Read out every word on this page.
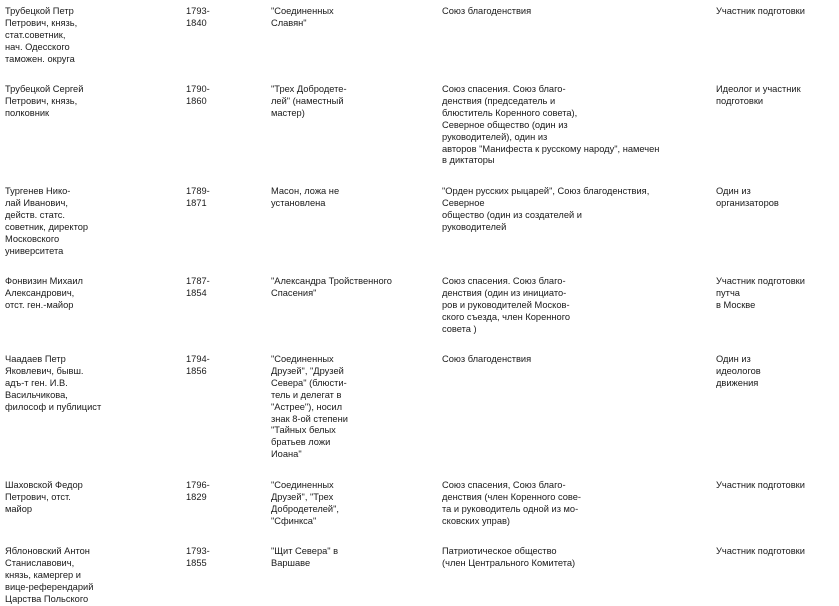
Трубецкой Петр
Петрович, князь,
стат.советник,
нач. Одесского
таможен. округа
1793-
1840
"Соединенных
Славян"
Союз благоденствия	Участник подготовки
Трубецкой Сергей
Петрович, князь,
полковник
1790-
1860
"Трех Добродете-
лей" (наместный
мастер)
Союз спасения. Союз благо-
денствия (председатель и
блюститель Коренного совета),
Северное общество (один из
руководителей), один из
авторов "Манифеста к русскому народу", намечен
в диктаторы
Идеолог и участник
подготовки
Тургенев Нико-
лай Иванович,
действ. статс.
советник, директор
Московского
университета
1789-
1871
Масон, ложа не
установлена
"Орден русских рыцарей", Союз благоденствия,
Северное
общество (один из создателей и
руководителей
Один из
организаторов
Фонвизин Михаил
Александрович,
отст. ген.-майор
1787-
1854
"Александра Тройственного
Спасения"
Союз спасения. Союз благо-
денствия (один из инициато-
ров и руководителей Москов-
ского съезда, член Коренного
совета )
Участник подготовки
путча
в Москве
Чаадаев Петр
Яковлевич, бывш.
адъ-т ген. И.В.
Васильчикова,
философ и публицист
1794-
1856
"Соединенных
Друзей", "Друзей
Севера" (блюсти-
тель и делегат в
"Астрее"), носил
знак 8-ой степени
"Тайных белых
братьев ложи
Иоана"
Союз благоденствия	Один из
идеологов
движения
Шаховской Федор
Петрович, отст.
майор
1796-
1829
"Соединенных
Друзей", "Трех
Добродетелей",
"Сфинкса"
Союз спасения, Союз благо-
денствия (член Коренного сове-
та и руководитель одной из мо-
сковских управ)
Участник подготовки
Яблоновский Антон
Станиславович,
князь, камергер и
вице-референдарий
Царства Польского
1793-
1855
"Щит Севера" в
Варшаве
Патриотическое общество
(член Центрального Комитета)
Участник подготовки
